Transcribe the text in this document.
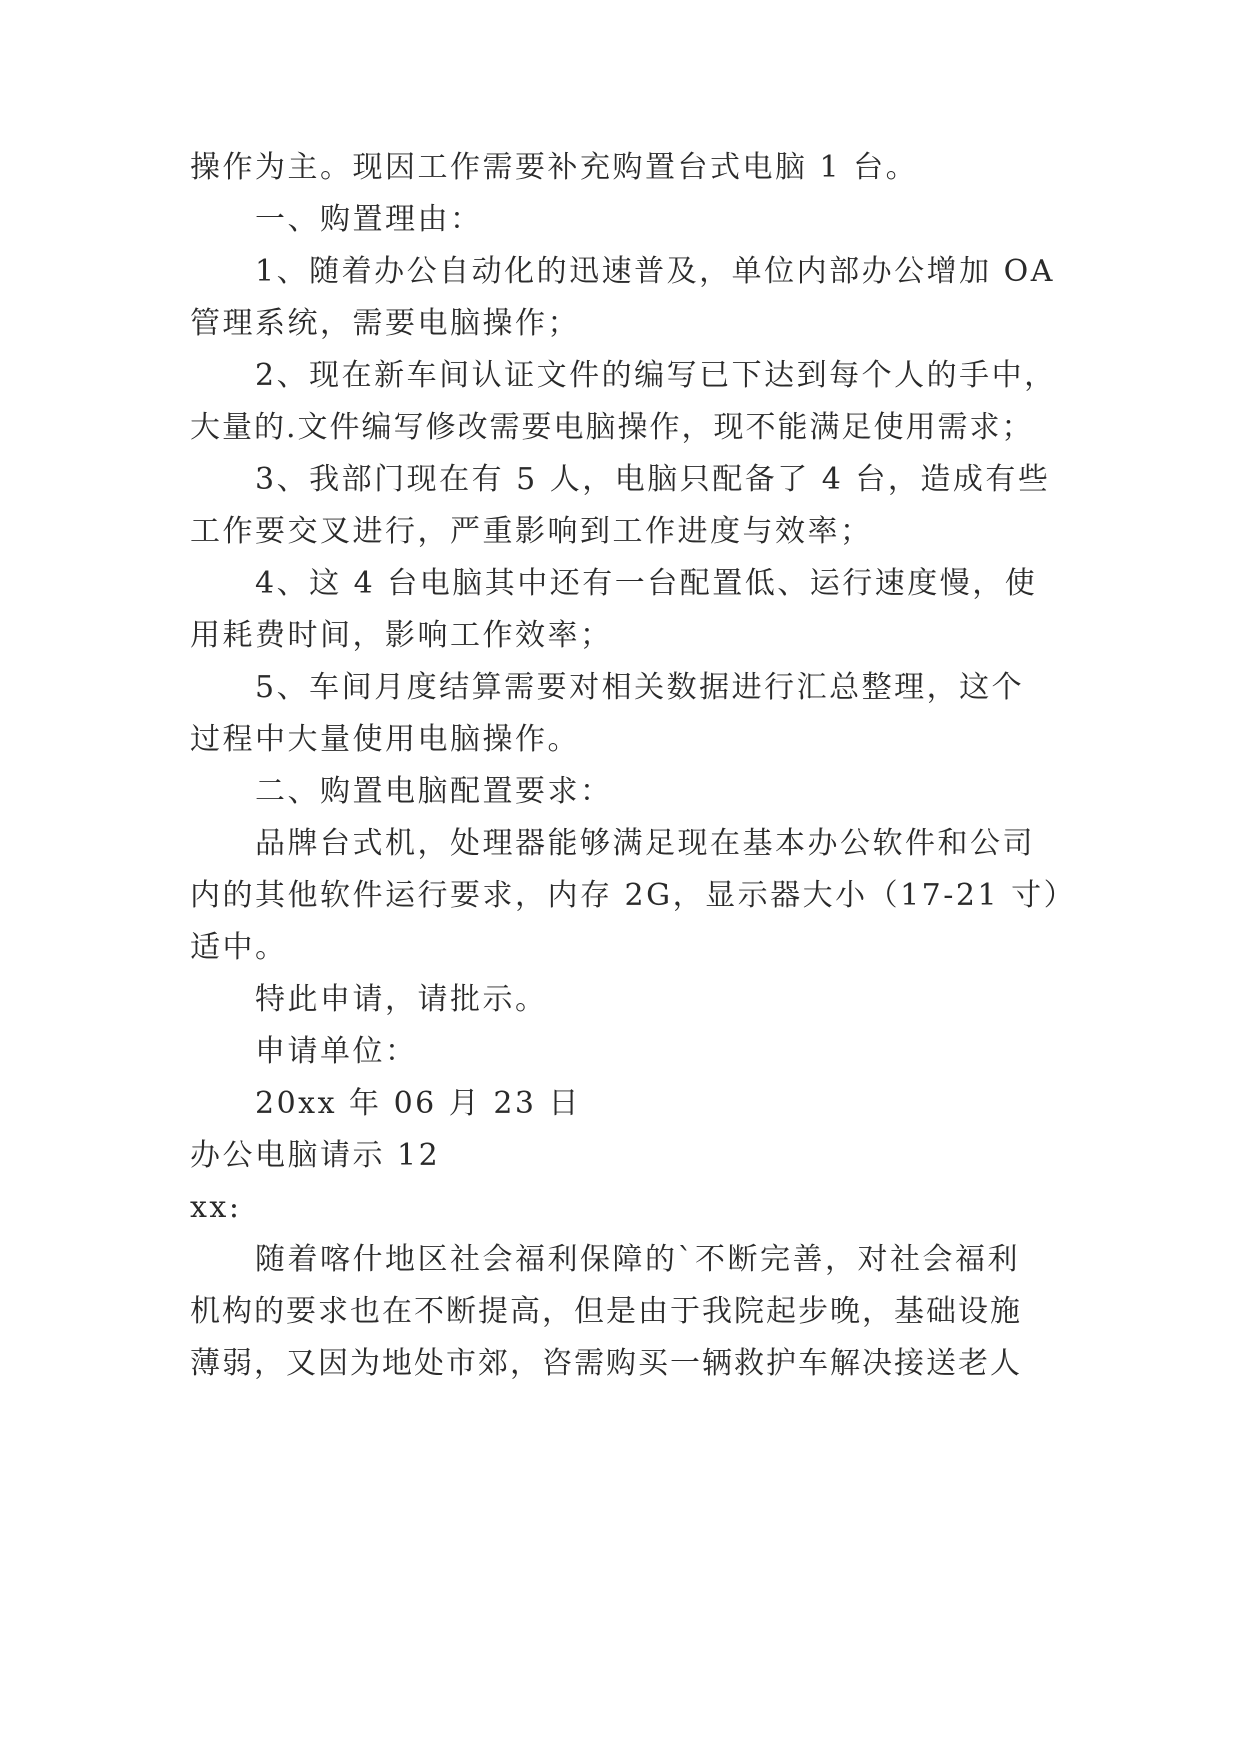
操作为主。现因工作需要补充购置台式电脑 1 台。
一、购置理由：
1、随着办公自动化的迅速普及，单位内部办公增加 OA
管理系统，需要电脑操作；
2、现在新车间认证文件的编写已下达到每个人的手中，
大量的.文件编写修改需要电脑操作，现不能满足使用需求；
3、我部门现在有 5 人，电脑只配备了 4 台，造成有些
工作要交叉进行，严重影响到工作进度与效率；
4、这 4 台电脑其中还有一台配置低、运行速度慢，使
用耗费时间，影响工作效率；
5、车间月度结算需要对相关数据进行汇总整理，这个
过程中大量使用电脑操作。
二、购置电脑配置要求：
品牌台式机，处理器能够满足现在基本办公软件和公司
内的其他软件运行要求，内存 2G，显示器大小（17-21 寸）
适中。
特此申请，请批示。
申请单位：
20xx 年 06 月 23 日
办公电脑请示 12
xx:
随着喀什地区社会福利保障的`不断完善，对社会福利
机构的要求也在不断提高，但是由于我院起步晚，基础设施
薄弱，又因为地处市郊，咨需购买一辆救护车解决接送老人
